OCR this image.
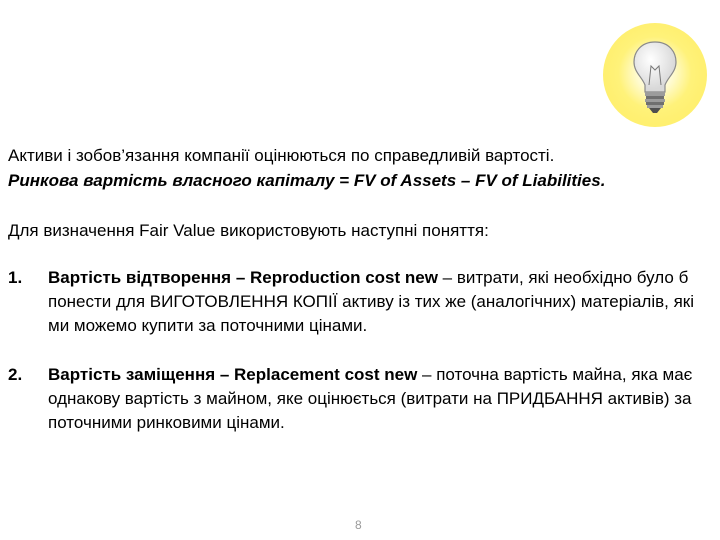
Активи і зобов’язання компанії оцінюються по справедливій вартості.
Ринкова вартість власного капіталу = FV of Assets – FV of Liabilities.
Для визначення Fair Value використовують наступні поняття:
1. Вартість відтворення – Reproduction cost new – витрати, які необхідно було б понести для ВИГОТОВЛЕННЯ КОПІЇ активу із тих же (аналогічних) матеріалів, які ми можемо купити за поточними цінами.
2. Вартість заміщення – Replacement cost new – поточна вартість майна, яка має однакову вартість з майном, яке оцінюється (витрати на ПРИДБАННЯ активів) за поточними ринковими цінами.
8
